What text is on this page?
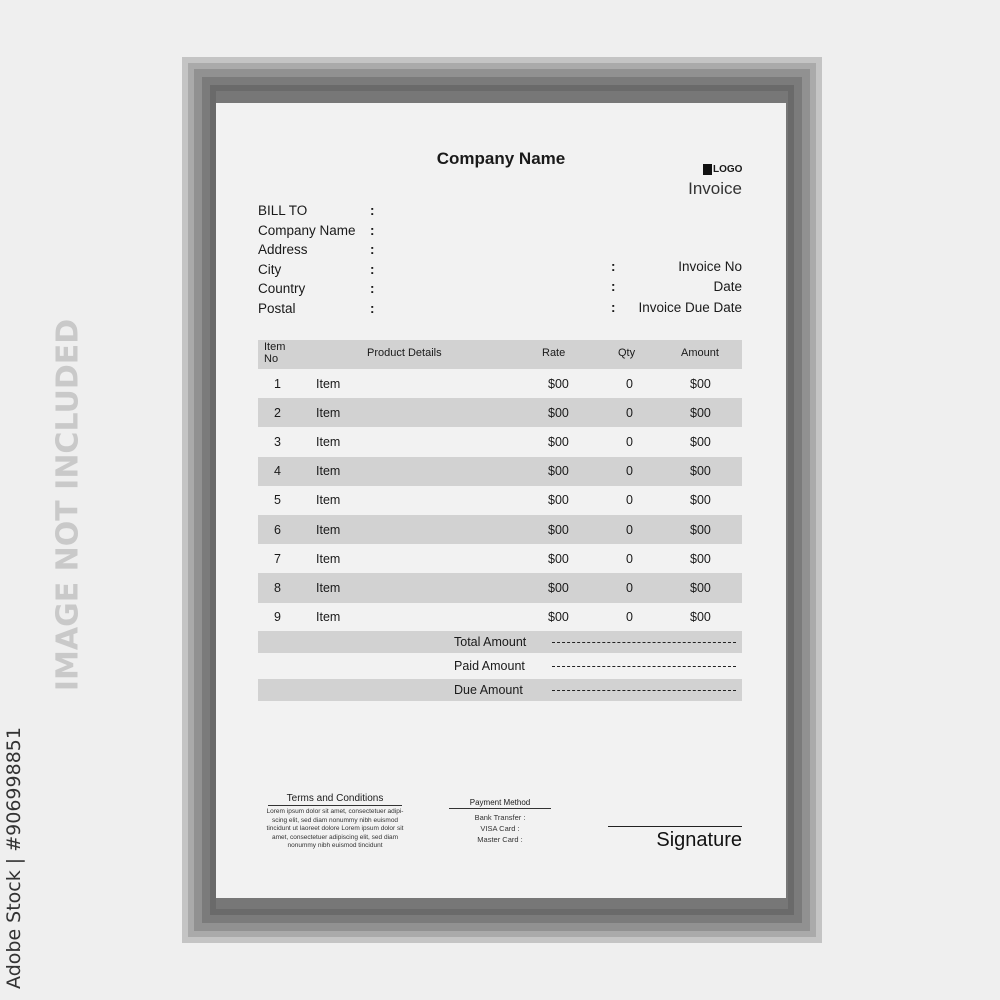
IMAGE NOT INCLUDED
Adobe Stock | #906998851
Company Name
LOGO
Invoice
BILL TO	:
Company Name	:
Address	:
City	:
Country	:
Postal	:
:	Invoice No
:	Date
: Invoice Due Date
Item
No	Product Details	Rate	Qty	Amount
1	Item	$00	0	$00
2	Item	$00	0	$00
3	Item	$00	0	$00
4	Item	$00	0	$00
5	Item	$00	0	$00
6	Item	$00	0	$00
7	Item	$00	0	$00
8	Item	$00	0	$00
9	Item	$00	0	$00
Total Amount
Paid Amount
Due Amount
Terms and Conditions
Lorem ipsum dolor sit amet, consectetuer adipi-scing elit, sed diam nonummy nibh euismod tincidunt ut laoreet dolore Lorem ipsum dolor sit amet, consectetuer adipiscing elit, sed diam nonummy nibh euismod tincidunt
Payment Method
Bank Transfer :
VISA Card :
Master Card :	Signature
